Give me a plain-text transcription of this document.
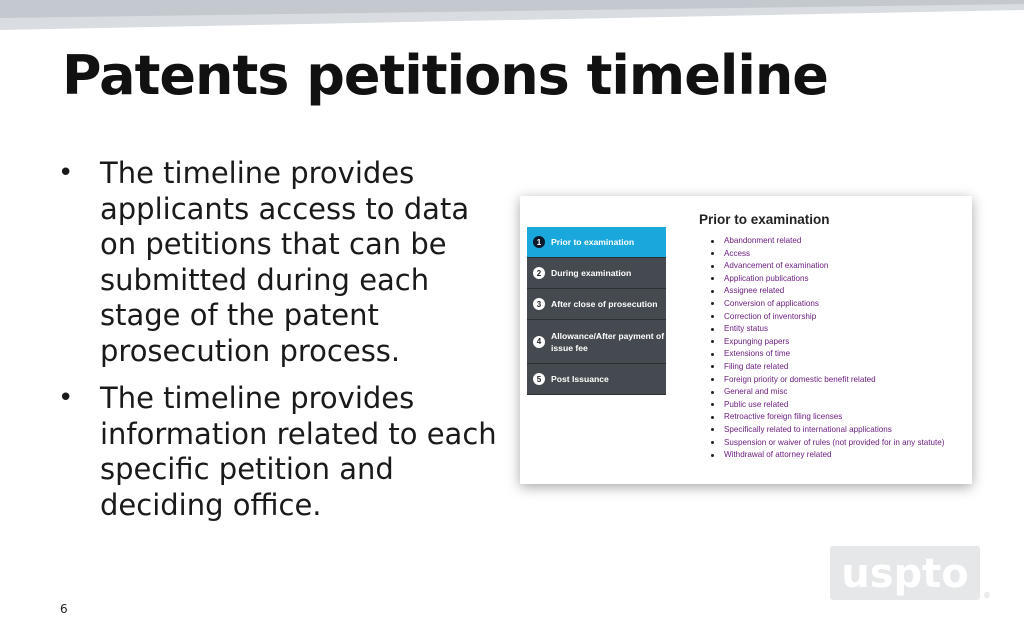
Patents petitions timeline
• The timeline provides applicants access to data on petitions that can be submitted during each stage of the patent prosecution process.
• The timeline provides information related to each specific petition and deciding office.
1	Prior to examination
2	During examination
3	After close of prosecution
4
Allowance/After payment of issue fee
5	Post Issuance
Prior to examination
Abandonment related
Access
Advancement of examination
Application publications
Assignee related
Conversion of applications
Correction of inventorship
Entity status
Expunging papers
Extensions of time
Filing date related
Foreign priority or domestic benefit related
General and misc
Public use related
Retroactive foreign filing licenses
Specifically related to international applications
Suspension or waiver of rules (not provided for in any statute)
Withdrawal of attorney related
uspto ®
6
